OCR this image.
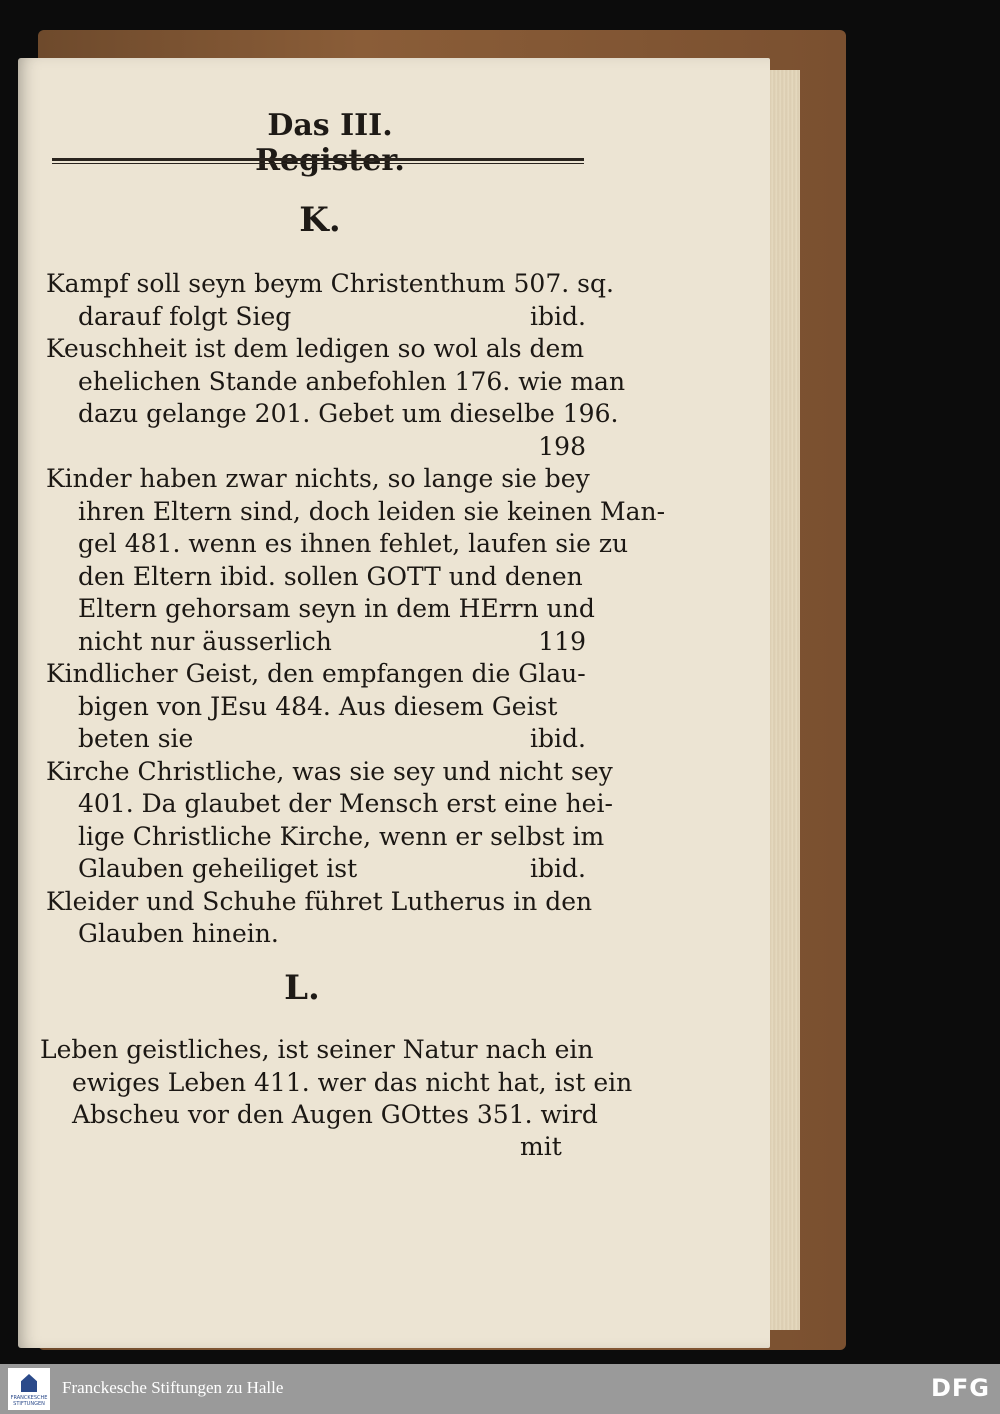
Das III. Register.
K.
Kampf soll seyn beym Christenthum 507. sq.
darauf folgt Sieg	ibid.
Keuschheit ist dem ledigen so wol als dem
ehelichen Stande anbefohlen 176. wie man
dazu gelange 201. Gebet um dieselbe 196.
198
Kinder haben zwar nichts, so lange sie bey
ihren Eltern sind, doch leiden sie keinen Man-
gel 481. wenn es ihnen fehlet, laufen sie zu
den Eltern ibid. sollen GOTT und denen
Eltern gehorsam seyn in dem HErrn und
nicht nur äusserlich	119
Kindlicher Geist, den empfangen die Glau-
bigen von JEsu 484. Aus diesem Geist
beten sie	ibid.
Kirche Christliche, was sie sey und nicht sey
401. Da glaubet der Mensch erst eine hei-
lige Christliche Kirche, wenn er selbst im
Glauben geheiliget ist	ibid.
Kleider und Schuhe führet Lutherus in den
Glauben hinein.
L.
Leben geistliches, ist seiner Natur nach ein
ewiges Leben 411. wer das nicht hat, ist ein
Abscheu vor den Augen GOttes 351. wird
mit
FRANCKESCHE STIFTUNGEN
Franckesche Stiftungen zu Halle	DFG
